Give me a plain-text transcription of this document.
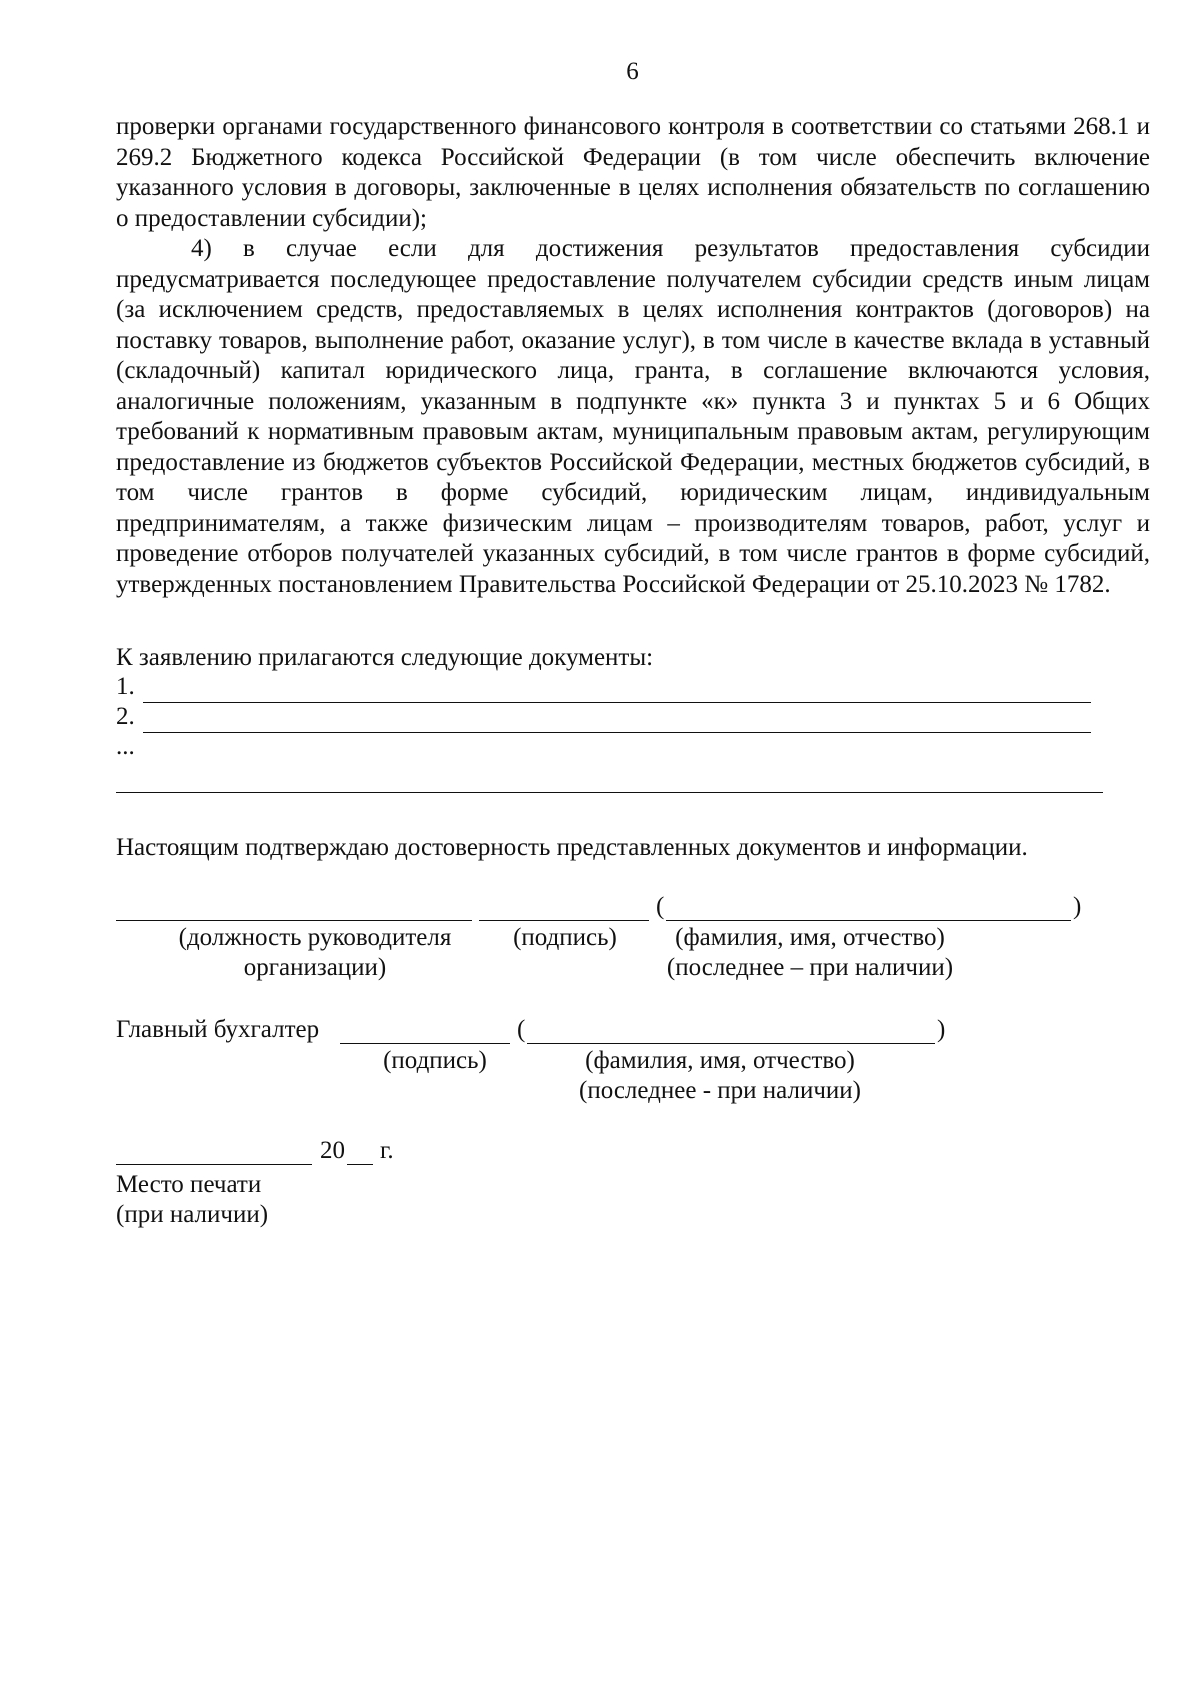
6

проверки органами государственного финансового контроля в соответствии со статьями 268.1 и 269.2 Бюджетного кодекса Российской Федерации (в том числе обеспечить включение указанного условия в договоры, заключенные в целях исполнения обязательств по соглашению о предоставлении субсидии);

4) в случае если для достижения результатов предоставления субсидии предусматривается последующее предоставление получателем субсидии средств иным лицам (за исключением средств, предоставляемых в целях исполнения контрактов (договоров) на поставку товаров, выполнение работ, оказание услуг), в том числе в качестве вклада в уставный (складочный) капитал юридического лица, гранта, в соглашение включаются условия, аналогичные положениям, указанным в подпункте «к» пункта 3 и пунктах 5 и 6 Общих требований к нормативным правовым актам, муниципальным правовым актам, регулирующим предоставление из бюджетов субъектов Российской Федерации, местных бюджетов субсидий, в том числе грантов в форме субсидий, юридическим лицам, индивидуальным предпринимателям, а также физическим лицам – производителям товаров, работ, услуг и проведение отборов получателей указанных субсидий, в том числе грантов в форме субсидий, утвержденных постановлением Правительства Российской Федерации от 25.10.2023 № 1782.

К заявлению прилагаются следующие документы:
1.
2.
...
Настоящим подтверждаю достоверность представленных документов и информации.
(	)
(должность руководителя
организации)
(подпись)	(фамилия, имя, отчество)
(последнее – при наличии)
Главный бухгалтер	(	)
(подпись)	(фамилия, имя, отчество)
(последнее - при наличии)
20 г.
Место печати
(при наличии)
